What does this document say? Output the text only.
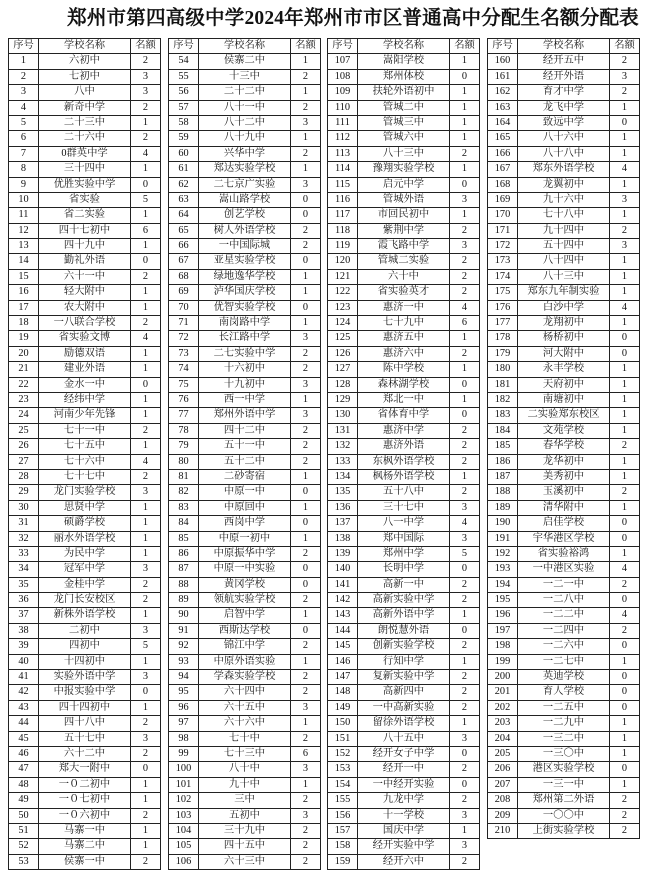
郑州市第四高级中学2024年郑州市市区普通高中分配生名额分配表
序号	学校名称	名额
1	六初中	2
2	七初中	3
3	八中	3
4	新奇中学	2
5	二十三中	1
6	二十六中	2
7	0群英中学	4
8	三十四中	1
9	优胜实验中学	0
10	省实验	5
11	省二实验	1
12	四十七初中	6
13	四十九中	1
14	勤礼外语	0
15	六十一中	2
16	轻大附中	1
17	农大附中	1
18	一八联合学校	2
19	省实验文博	4
20	励德双语	1
21	建业外语	1
22	金水一中	0
23	经纬中学	1
24	河南少年先锋	1
25	七十一中	2
26	七十五中	1
27	七十六中	4
28	七十七中	2
29	龙门实验学校	3
30	思贤中学	1
31	硕爵学校	1
32	丽水外语学校	1
33	为民中学	1
34	冠军中学	3
35	金桂中学	2
36	龙门长安校区	2
37	新株外语学校	1
38	二初中	3
39	四初中	5
40	十四初中	1
41	实验外语中学	3
42	中报实验中学	0
43	四十四初中	1
44	四十八中	2
45	五十七中	3
46	六十二中	2
47	郑大一附中	0
48	一０二初中	1
49	一０七初中	1
50	一０六初中	2
51	马寨一中	1
52	马寨二中	1
53	侯寨一中	2
序号	学校名称	名额
54	侯寨二中	1
55	十三中	2
56	二十二中	1
57	八十一中	2
58	八十二中	3
59	八十九中	1
60	兴华中学	2
61	郑达实验学校	1
62	二七京广实验	3
63	嵩山路学校	0
64	创艺学校	0
65	树人外语学校	2
66	一中国际城	2
67	亚星实验学校	0
68	绿地逸华学校	1
69	泸华国庆学校	1
70	优智实验学校	0
71	南岗路中学	1
72	长江路中学	3
73	二七实验中学	2
74	十六初中	2
75	十九初中	3
76	西一中学	1
77	郑州外语中学	3
78	四十二中	2
79	五十一中	2
80	五十二中	2
81	二砂寄宿	1
82	中原一中	0
83	中原回中	1
84	西岗中学	0
85	中原一初中	1
86	中原振华中学	2
87	中原一中实验	0
88	黄冈学校	0
89	领航实验学校	2
90	启智中学	1
91	西斯达学校	0
92	锦江中学	2
93	中原外语实验	1
94	学森实验学校	2
95	六十四中	2
96	六十五中	3
97	六十六中	1
98	七十中	2
99	七十三中	6
100	八十中	3
101	九十中	1
102	三中	2
103	五初中	3
104	三十九中	2
105	四十五中	2
106	六十三中	2
序号	学校名称	名额
107	嵩阳学校	1
108	郑州体校	0
109	扶轮外语初中	1
110	管城二中	1
111	管城三中	1
112	管城六中	1
113	八十三中	2
114	豫翔实验学校	1
115	启元中学	0
116	管城外语	3
117	市回民初中	1
118	紫荆中学	2
119	霞飞路中学	3
120	管城二实验	2
121	六十中	2
122	省实验英才	2
123	惠济一中	4
124	七十九中	6
125	惠济五中	1
126	惠济六中	2
127	陈中学校	1
128	森林湖学校	0
129	郑北一中	1
130	省体育中学	0
131	惠济中学	2
132	惠济外语	2
133	东枫外语学校	2
134	枫杨外语学校	1
135	五十八中	2
136	三十七中	3
137	八一中学	4
138	郑中国际	3
139	郑州中学	5
140	长明中学	0
141	高新一中	2
142	高新实验中学	2
143	高新外语中学	1
144	朗悦慧外语	0
145	创新实验学校	2
146	行知中学	1
147	复新实验中学	2
148	高新四中	2
149	一中高新实验	2
150	留徐外语学校	1
151	八十五中	3
152	经开女子中学	0
153	经开一中	2
154	一中经开实验	0
155	九龙中学	2
156	十一学校	3
157	国庆中学	1
158	经开实验中学	3
159	经开六中	2
序号	学校名称	名额
160	经开五中	2
161	经开外语	3
162	育才中学	2
163	龙飞中学	1
164	致远中学	0
165	八十六中	1
166	八十八中	1
167	郑东外语学校	4
168	龙翼初中	1
169	九十六中	3
170	七十八中	1
171	九十四中	2
172	五十四中	3
173	八十四中	1
174	八十三中	1
175	郑东九年制实验	1
176	白沙中学	4
177	龙翔初中	1
178	杨桥初中	0
179	河大附中	0
180	永丰学校	1
181	天府初中	1
182	南塘初中	1
183	二实验郑东校区	1
184	文苑学校	1
185	春华学校	2
186	龙华初中	1
187	美秀初中	1
188	玉溪初中	2
189	清华附中	1
190	启佳学校	0
191	宇华港区学校	0
192	省实验裕鸿	1
193	一中港区实验	4
194	一二一中	2
195	一二八中	0
196	一二二中	4
197	一二四中	2
198	一二六中	0
199	一二七中	1
200	英迪学校	0
201	育人学校	0
202	一二五中	0
203	一二九中	1
204	一三二中	1
205	一三〇中	1
206	港区实验学校	0
207	一三一中	1
208	郑州第二外语	2
209	一〇〇中	2
210	上街实验学校	2
